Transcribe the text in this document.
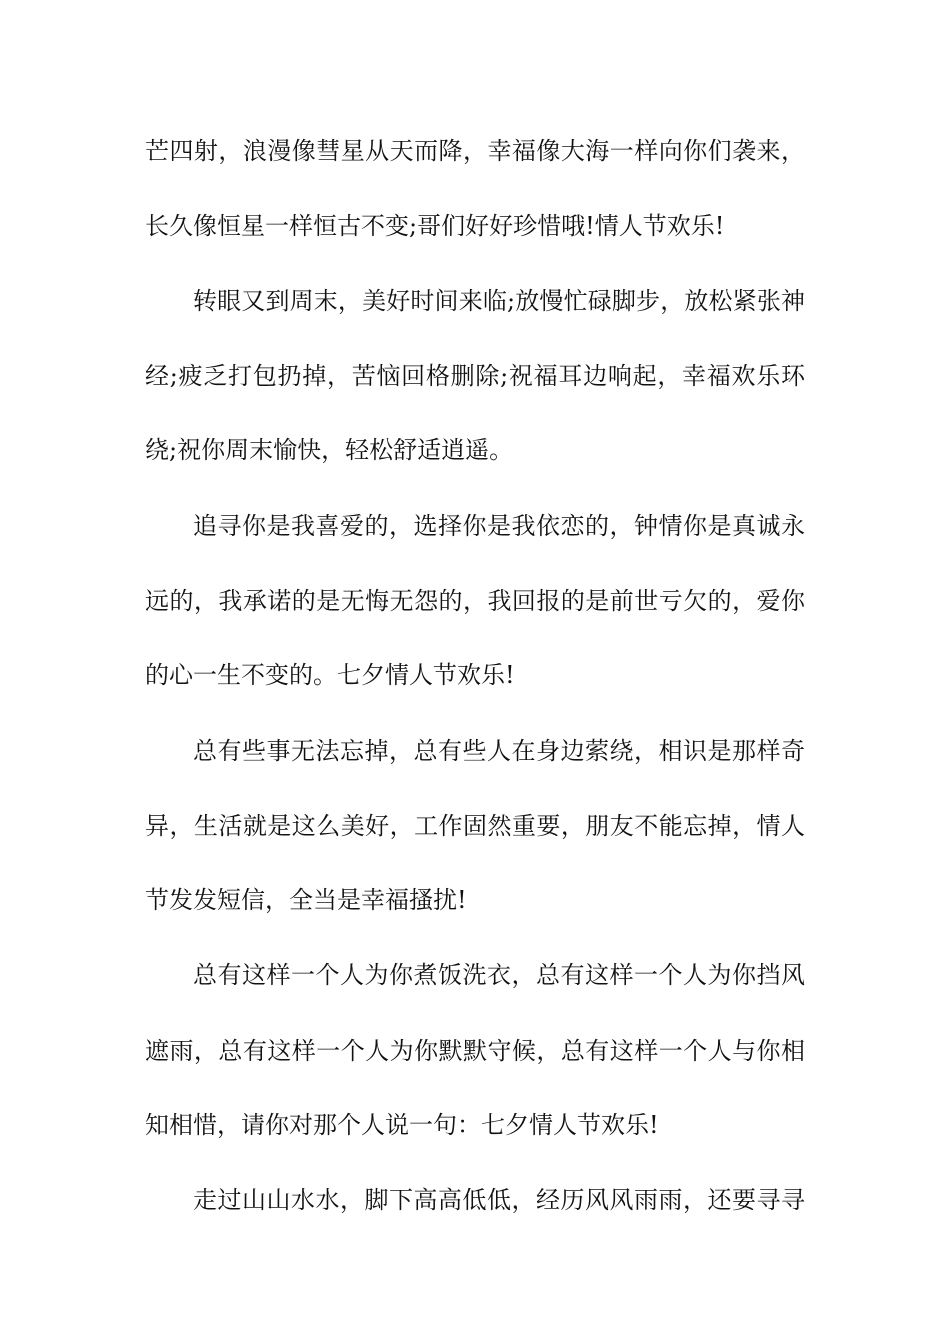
芒四射，浪漫像彗星从天而降，幸福像大海一样向你们袭来，
长久像恒星一样恒古不变;哥们好好珍惜哦!情人节欢乐!
转眼又到周末，美好时间来临;放慢忙碌脚步，放松紧张神
经;疲乏打包扔掉，苦恼回格删除;祝福耳边响起，幸福欢乐环
绕;祝你周末愉快，轻松舒适逍遥。
追寻你是我喜爱的，选择你是我依恋的，钟情你是真诚永
远的，我承诺的是无悔无怨的，我回报的是前世亏欠的，爱你
的心一生不变的。七夕情人节欢乐!
总有些事无法忘掉，总有些人在身边萦绕，相识是那样奇
异，生活就是这么美好，工作固然重要，朋友不能忘掉，情人
节发发短信，全当是幸福搔扰!
总有这样一个人为你煮饭洗衣，总有这样一个人为你挡风
遮雨，总有这样一个人为你默默守候，总有这样一个人与你相
知相惜，请你对那个人说一句：七夕情人节欢乐!
走过山山水水，脚下高高低低，经历风风雨雨，还要寻寻
